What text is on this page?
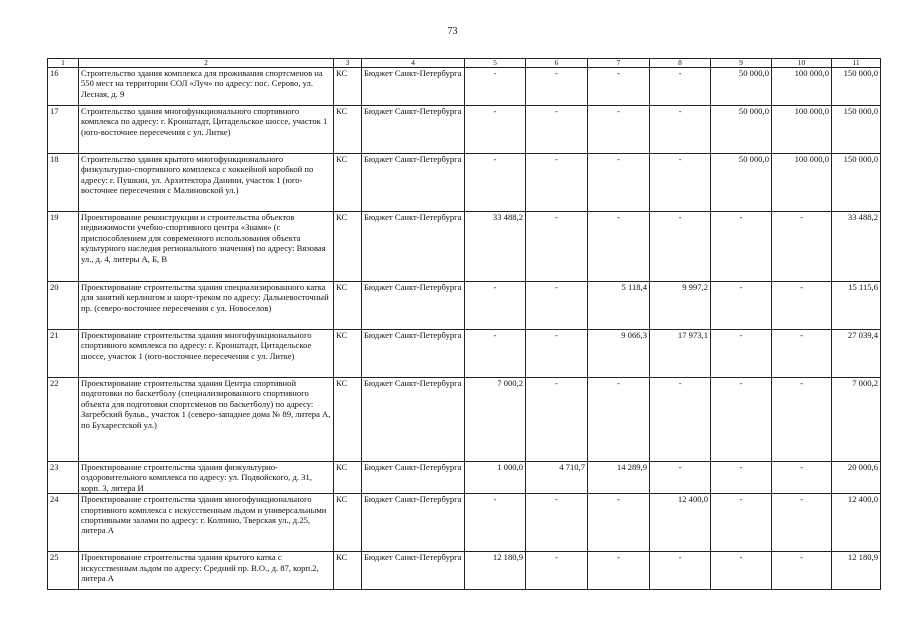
73
1	2	3	4	5	6	7	8	9	10	11
16	Строительство здания комплекса для проживания спортсменов на 550 мест на территории СОЛ «Луч» по адресу: пос. Серово, ул. Лесная, д. 9	КС	Бюджет Санкт-Петербурга	-	-	-	-	50 000,0	100 000,0	150 000,0
17	Строительство здания многофункционального спортивного комплекса по адресу: г. Кронштадт, Цитадельское шоссе, участок 1 (юго-восточнее пересечения с ул. Литке)	КС	Бюджет Санкт-Петербурга	-	-	-	-	50 000,0	100 000,0	150 000,0
18	Строительство здания крытого многофункционального физкультурно-спортивного комплекса с хоккейной коробкой по адресу: г. Пушкин, ул. Архитектора Данини, участок 1 (юго-восточнее пересечения с Малиновской ул.)	КС	Бюджет Санкт-Петербурга	-	-	-	-	50 000,0	100 000,0	150 000,0
19	Проектирование реконструкции и строительства объектов недвижимости учебно-спортивного центра «Знамя» (с приспособлением для современного использования объекта культурного наследия регионального значения) по адресу: Вязовая ул., д. 4, литеры А, Б, В	КС	Бюджет Санкт-Петербурга	33 488,2	-	-	-	-	-	33 488,2
20	Проектирование строительства здания специализированного катка для занятий керлингом и шорт-треком по адресу: Дальневосточный пр. (северо-восточнее пересечения с ул. Новоселов)	КС	Бюджет Санкт-Петербурга	-	-	5 118,4	9 997,2	-	-	15 115,6
21	Проектирование строительства здания многофункционального спортивного комплекса по адресу: г. Кронштадт, Цитадельское шоссе, участок 1 (юго-восточнее пересечения с ул. Литке)	КС	Бюджет Санкт-Петербурга	-	-	9 066,3	17 973,1	-	-	27 039,4
22	Проектирование строительства здания Центра спортивной подготовки по баскетболу (специализированного спортивного объекта для подготовки спортсменов по баскетболу) по адресу: Загребский бульв., участок 1 (северо-западнее дома № 89, литера А, по Бухарестской ул.)	КС	Бюджет Санкт-Петербурга	7 000,2	-	-	-	-	-	7 000,2
23	Проектирование строительства здания физкультурно-оздоровительного комплекса по адресу: ул. Подвойского, д. 31, корп. 3, литера И	КС	Бюджет Санкт-Петербурга	1 000,0	4 710,7	14 289,9	-	-	-	20 000,6
24	Проектирование строительства здания многофункционального спортивного комплекса с искусственным льдом и универсальными спортивными залами по адресу: г. Колпино, Тверская ул., д.25, литера А	КС	Бюджет Санкт-Петербурга	-	-	-	12 400,0	-	-	12 400,0
25	Проектирование строительства здания крытого катка с искусственным льдом по адресу: Средний пр. В.О., д. 87, корп.2, литера А	КС	Бюджет Санкт-Петербурга	12 180,9	-	-	-	-	-	12 180,9
